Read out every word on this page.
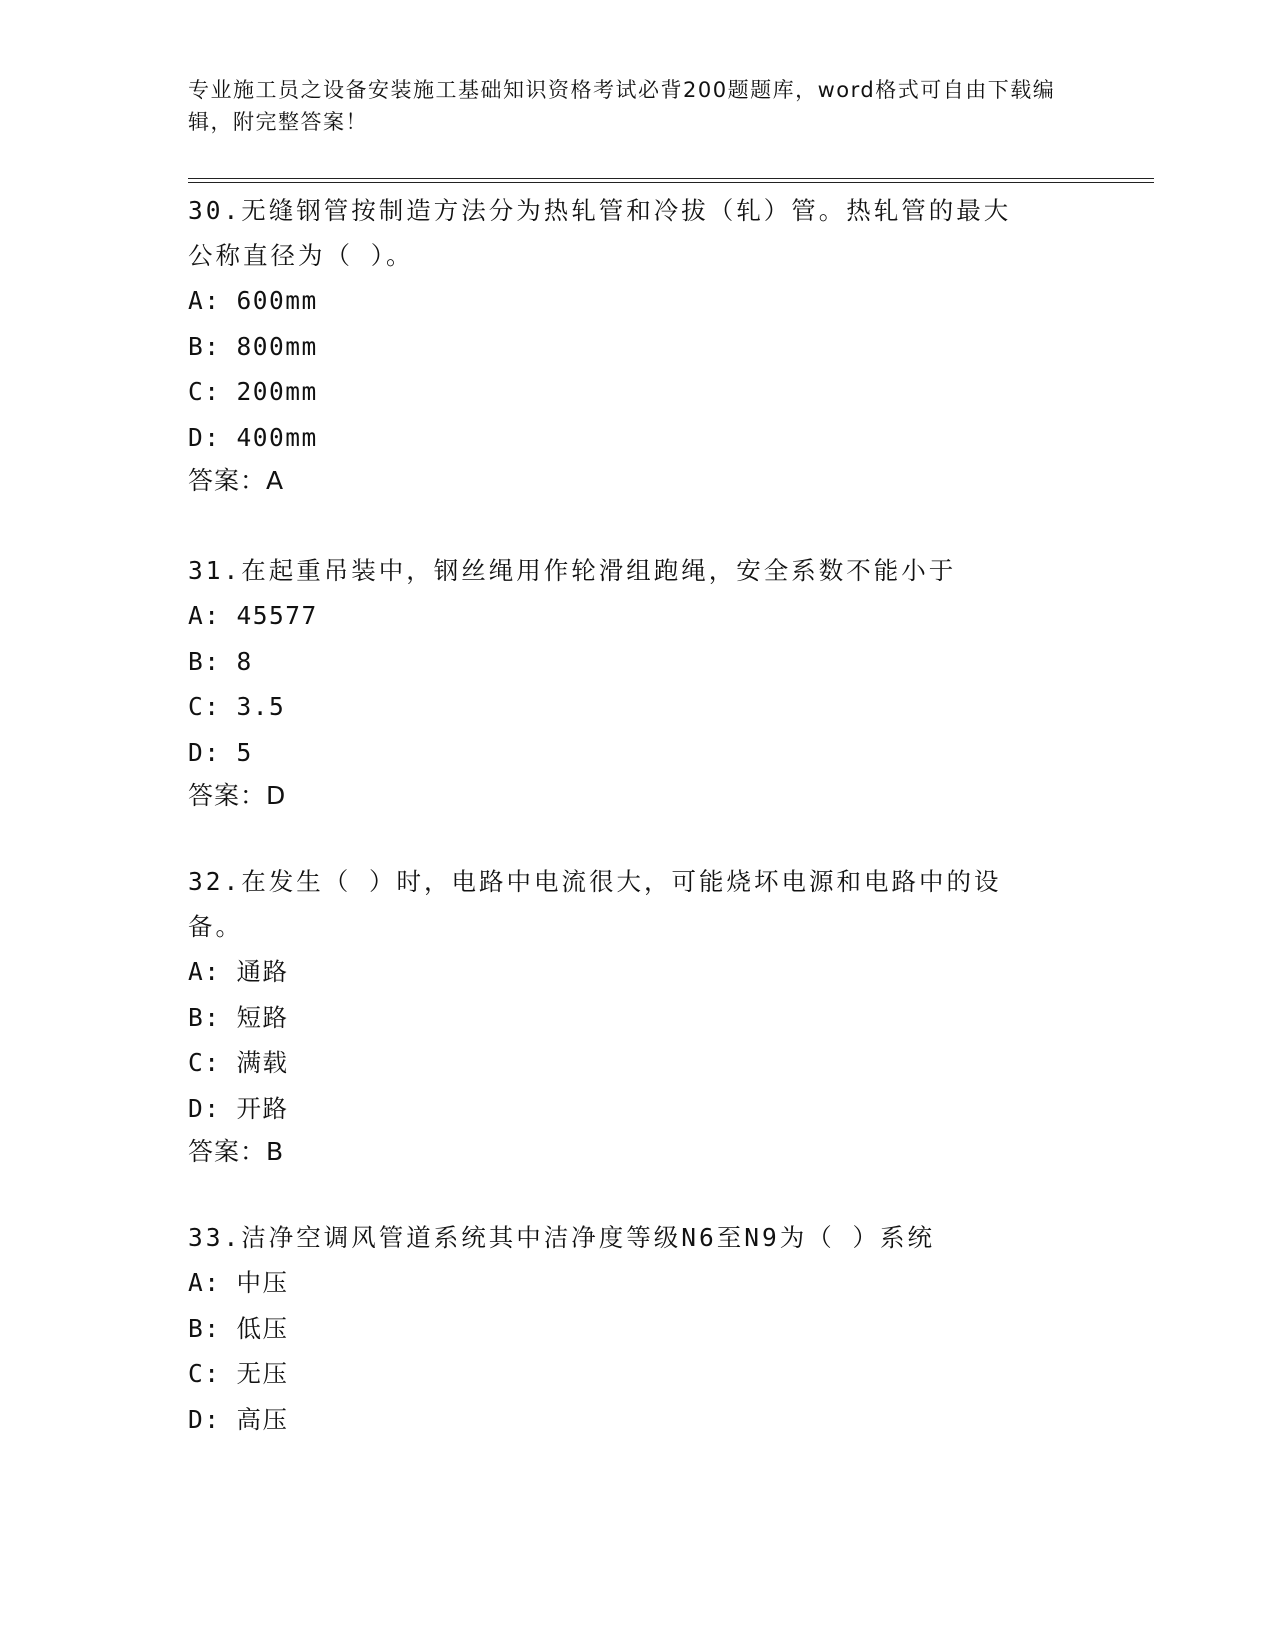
专业施工员之设备安装施工基础知识资格考试必背200题题库，word格式可自由下载编辑，附完整答案！

30.无缝钢管按制造方法分为热轧管和冷拔（轧）管。热轧管的最大公称直径为（ ）。

A: 600mm

B: 800mm

C: 200mm

D: 400mm

答案：A

31.在起重吊装中，钢丝绳用作轮滑组跑绳，安全系数不能小于

A: 45577

B: 8

C: 3.5

D: 5

答案：D

32.在发生（ ）时，电路中电流很大，可能烧坏电源和电路中的设备。

A: 通路

B: 短路

C: 满载

D: 开路

答案：B

33.洁净空调风管道系统其中洁净度等级N6至N9为（ ）系统

A: 中压

B: 低压

C: 无压

D: 高压
